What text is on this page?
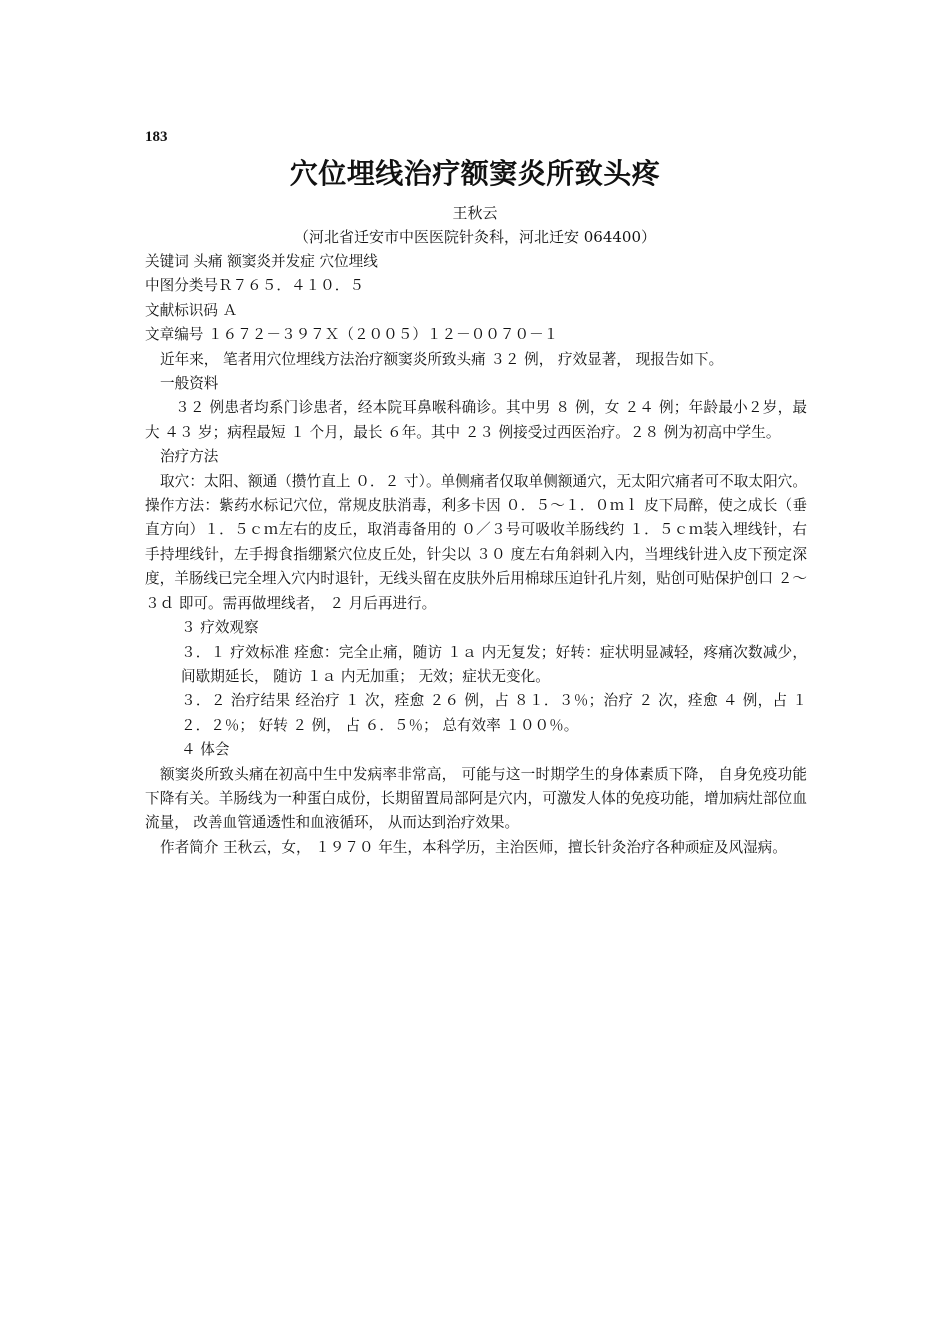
183
穴位埋线治疗额窦炎所致头疼
王秋云
（河北省迁安市中医医院针灸科，河北迁安 064400）

关键词 头痛 额窦炎并发症 穴位埋线

中图分类号Ｒ７６５．４１０．５

文献标识码 Ａ

文章编号 １６７２－３９７Ｘ（２００５）１２－００７０－１

近年来， 笔者用穴位埋线方法治疗额窦炎所致头痛 ３２ 例， 疗效显著， 现报告如下。

一般资料

３２ 例患者均系门诊患者，经本院耳鼻喉科确诊。其中男 ８ 例，女 ２４ 例；年龄最小２岁，最大 ４３ 岁；病程最短 １ 个月，最长 ６年。其中 ２３ 例接受过西医治疗。２８ 例为初高中学生。

治疗方法

取穴：太阳、额通（攒竹直上 ０．２ 寸）。单侧痛者仅取单侧额通穴，无太阳穴痛者可不取太阳穴。操作方法：紫药水标记穴位，常规皮肤消毒，利多卡因 ０．５～１．０ｍｌ 皮下局醉，使之成长（垂直方向）１．５ｃｍ左右的皮丘，取消毒备用的 ０／３号可吸收羊肠线约 １．５ｃｍ装入埋线针，右手持埋线针，左手拇食指绷紧穴位皮丘处，针尖以 ３０ 度左右角斜刺入内，当埋线针进入皮下预定深度，羊肠线已完全埋入穴内时退针，无线头留在皮肤外后用棉球压迫针孔片刻，贴创可贴保护创口 ２～３ｄ 即可。需再做埋线者， ２ 月后再进行。

３ 疗效观察

３．１ 疗效标准 痊愈：完全止痛，随访 １ａ 内无复发；好转：症状明显减轻，疼痛次数减少， 间歇期延长， 随访 １ａ 内无加重； 无效；症状无变化。

３．２ 治疗结果 经治疗 １ 次，痊愈 ２６ 例，占 ８１．３％；治疗 ２ 次，痊愈 ４ 例，占 １２．２％； 好转 ２ 例， 占 ６．５％； 总有效率 １００％。

４ 体会

额窦炎所致头痛在初高中生中发病率非常高， 可能与这一时期学生的身体素质下降， 自身免疫功能下降有关。羊肠线为一种蛋白成份，长期留置局部阿是穴内，可激发人体的免疫功能，增加病灶部位血流量， 改善血管通透性和血液循环， 从而达到治疗效果。

作者简介 王秋云，女， １９７０ 年生，本科学历，主治医师，擅长针灸治疗各种顽症及风湿病。
